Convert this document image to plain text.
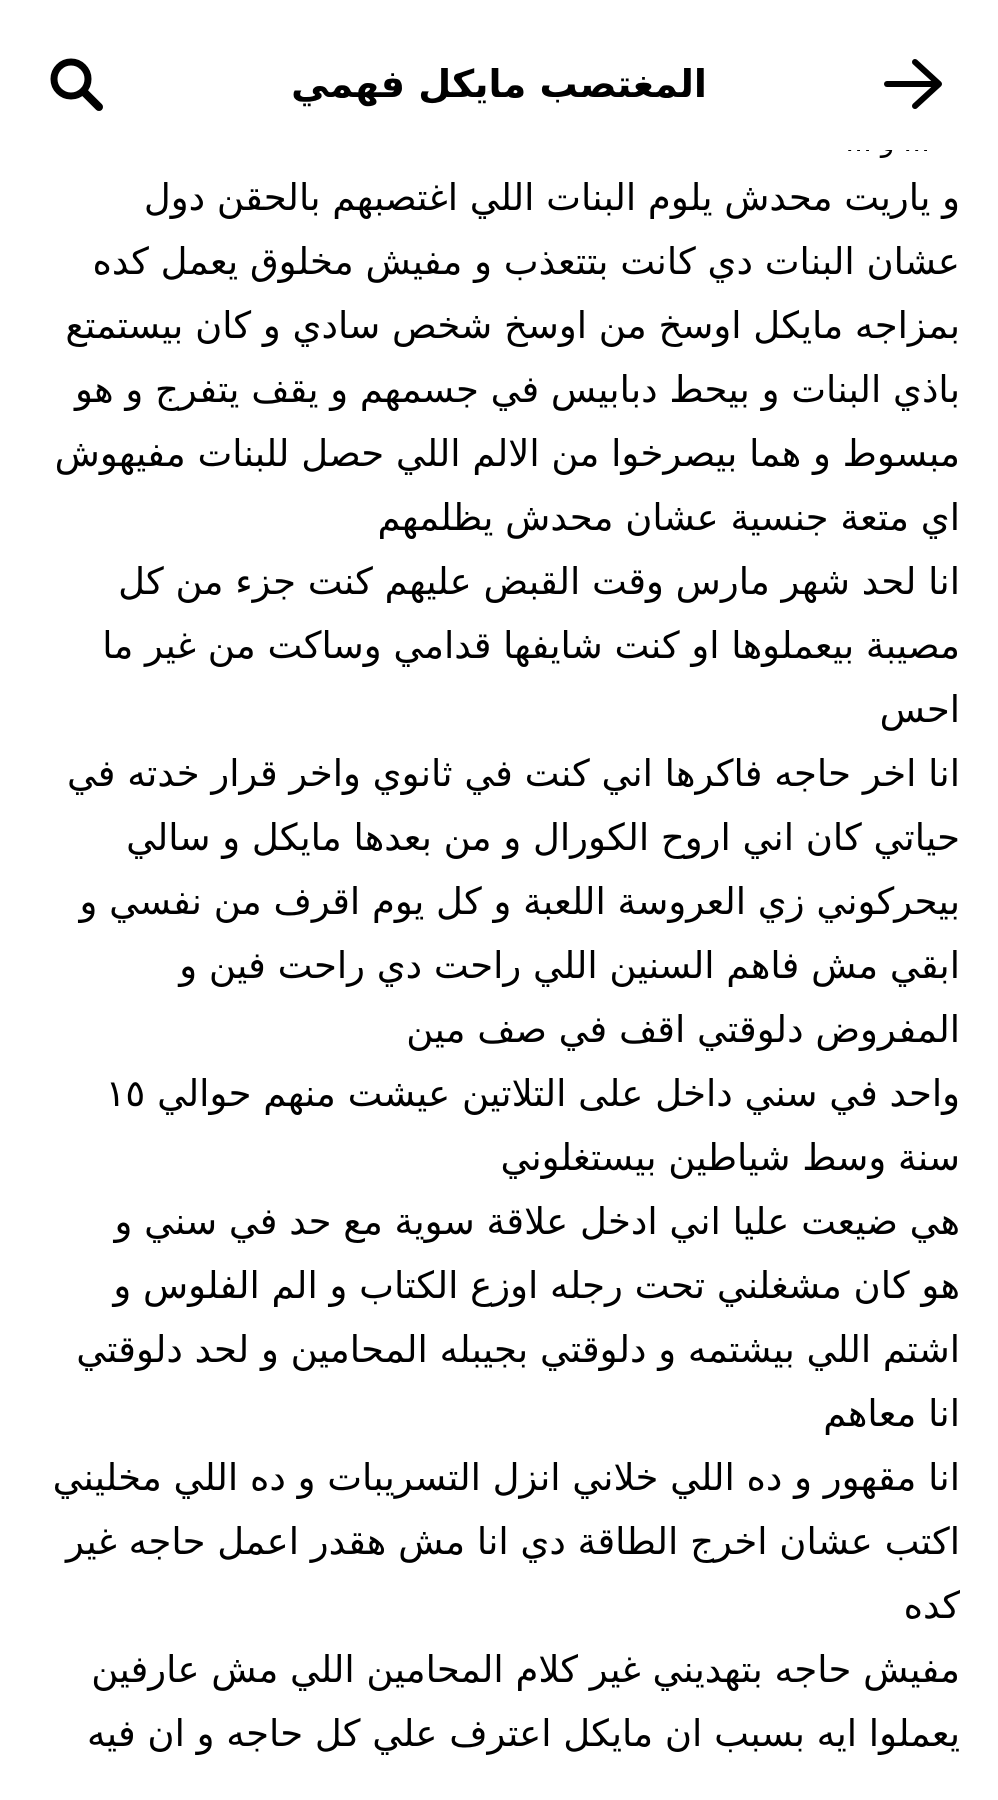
المغتصب مايكل فهمي
و ياريت محدش يلوم البنات اللي اغتصبهم بالحقن دول
عشان البنات دي كانت بتتعذب و مفيش مخلوق يعمل كده
بمزاجه مايكل اوسخ من اوسخ شخص سادي و كان بيستمتع
باذي البنات و بيحط دبابيس في جسمهم و يقف يتفرج و هو
مبسوط و هما بيصرخوا من الالم اللي حصل للبنات مفيهوش
اي متعة جنسية عشان محدش يظلمهم
انا لحد شهر مارس وقت القبض عليهم كنت جزء من كل
مصيبة بيعملوها او كنت شايفها قدامي وساكت من غير ما
احس
انا اخر حاجه فاكرها اني كنت في ثانوي واخر قرار خدته في
حياتي كان اني اروح الكورال و من بعدها مايكل و سالي
بيحركوني زي العروسة اللعبة و كل يوم اقرف من نفسي و
ابقي مش فاهم السنين اللي راحت دي راحت فين و
المفروض دلوقتي اقف في صف مين
واحد في سني داخل على التلاتين عيشت منهم حوالي ١٥
سنة وسط شياطين بيستغلوني
هي ضيعت عليا اني ادخل علاقة سوية مع حد في سني و
هو كان مشغلني تحت رجله اوزع الكتاب و الم الفلوس و
اشتم اللي بيشتمه و دلوقتي بجيبله المحامين و لحد دلوقتي
انا معاهم
انا مقهور و ده اللي خلاني انزل التسريبات و ده اللي مخليني
اكتب عشان اخرج الطاقة دي انا مش هقدر اعمل حاجه غير
كده
مفيش حاجه بتهديني غير كلام المحامين اللي مش عارفين
يعملوا ايه بسبب ان مايكل اعترف علي كل حاجه و ان فيه
